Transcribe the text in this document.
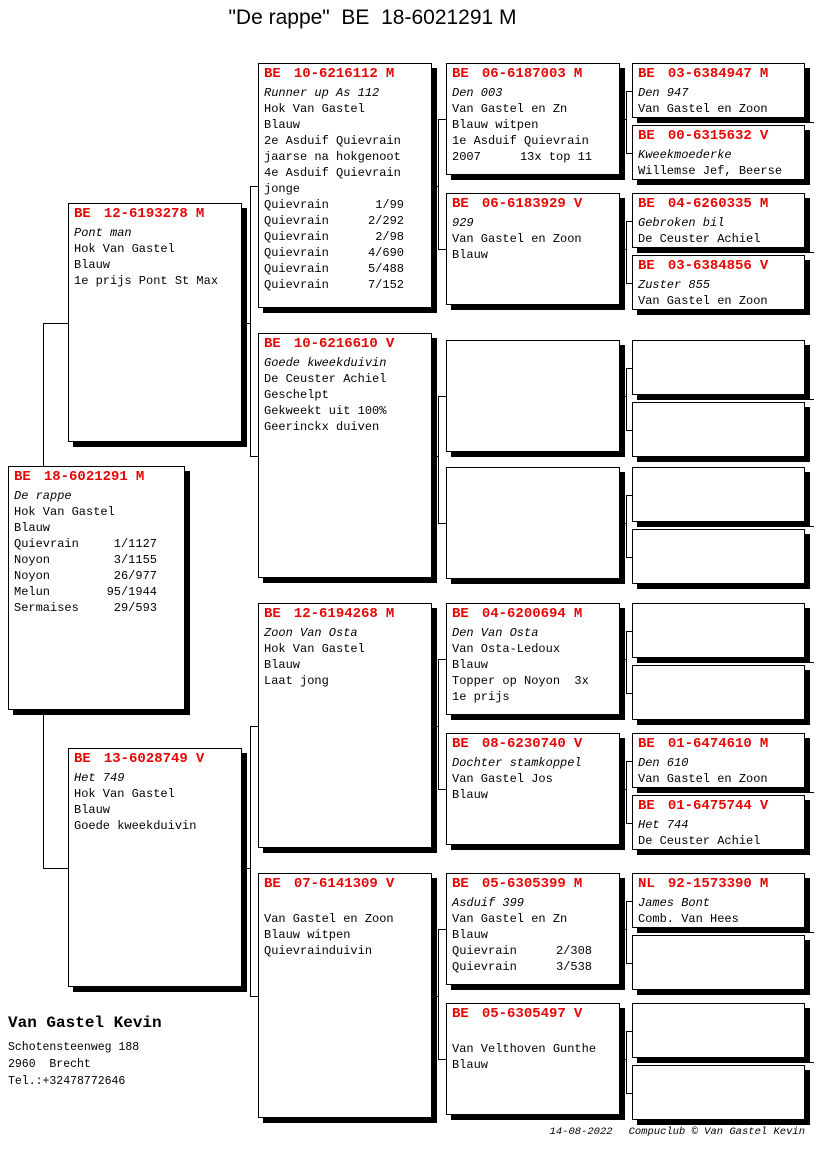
"De rappe"  BE  18-6021291 M
BE 18-6021291 M
De rappe
Hok Van Gastel
Blauw
Quievrain	1/1127
Noyon	3/1155
Noyon	26/977
Melun	95/1944
Sermaises	29/593
BE 12-6193278 M
Pont man
Hok Van Gastel
Blauw
1e prijs Pont St Max
BE 13-6028749 V
Het 749
Hok Van Gastel
Blauw
Goede kweekduivin
BE 10-6216112 M
Runner up As 112
Hok Van Gastel
Blauw
2e Asduif Quievrain
jaarse na hokgenoot
4e Asduif Quievrain
jonge
Quievrain	1/99
Quievrain	2/292
Quievrain	2/98
Quievrain	4/690
Quievrain	5/488
Quievrain	7/152
BE 10-6216610 V
Goede kweekduivin
De Ceuster Achiel
Geschelpt
Gekweekt uit 100%
Geerinckx duiven
BE 12-6194268 M
Zoon Van Osta
Hok Van Gastel
Blauw
Laat jong
BE 07-6141309 V

Van Gastel en Zoon
Blauw witpen
Quievrainduivin
BE 06-6187003 M
Den 003
Van Gastel en Zn
Blauw witpen
1e Asduif Quievrain
2007	13x top 11
BE 06-6183929 V
929
Van Gastel en Zoon
Blauw
BE 04-6200694 M
Den Van Osta
Van Osta-Ledoux
Blauw
Topper op Noyon  3x
1e prijs
BE 08-6230740 V
Dochter stamkoppel
Van Gastel Jos
Blauw
BE 05-6305399 M
Asduif 399
Van Gastel en Zn
Blauw
Quievrain	2/308
Quievrain	3/538
BE 05-6305497 V

Van Velthoven Gunthe
Blauw
BE 03-6384947 M
Den 947
Van Gastel en Zoon
BE 00-6315632 V
Kweekmoederke
Willemse Jef, Beerse
BE 04-6260335 M
Gebroken bil
De Ceuster Achiel
BE 03-6384856 V
Zuster 855
Van Gastel en Zoon
BE 01-6474610 M
Den 610
Van Gastel en Zoon
BE 01-6475744 V
Het 744
De Ceuster Achiel
NL 92-1573390 M
James Bont
Comb. Van Hees
Van Gastel Kevin
Schotensteenweg 188
2960  Brecht
Tel.:+32478772646
14-08-2022 Compuclub © Van Gastel Kevin
